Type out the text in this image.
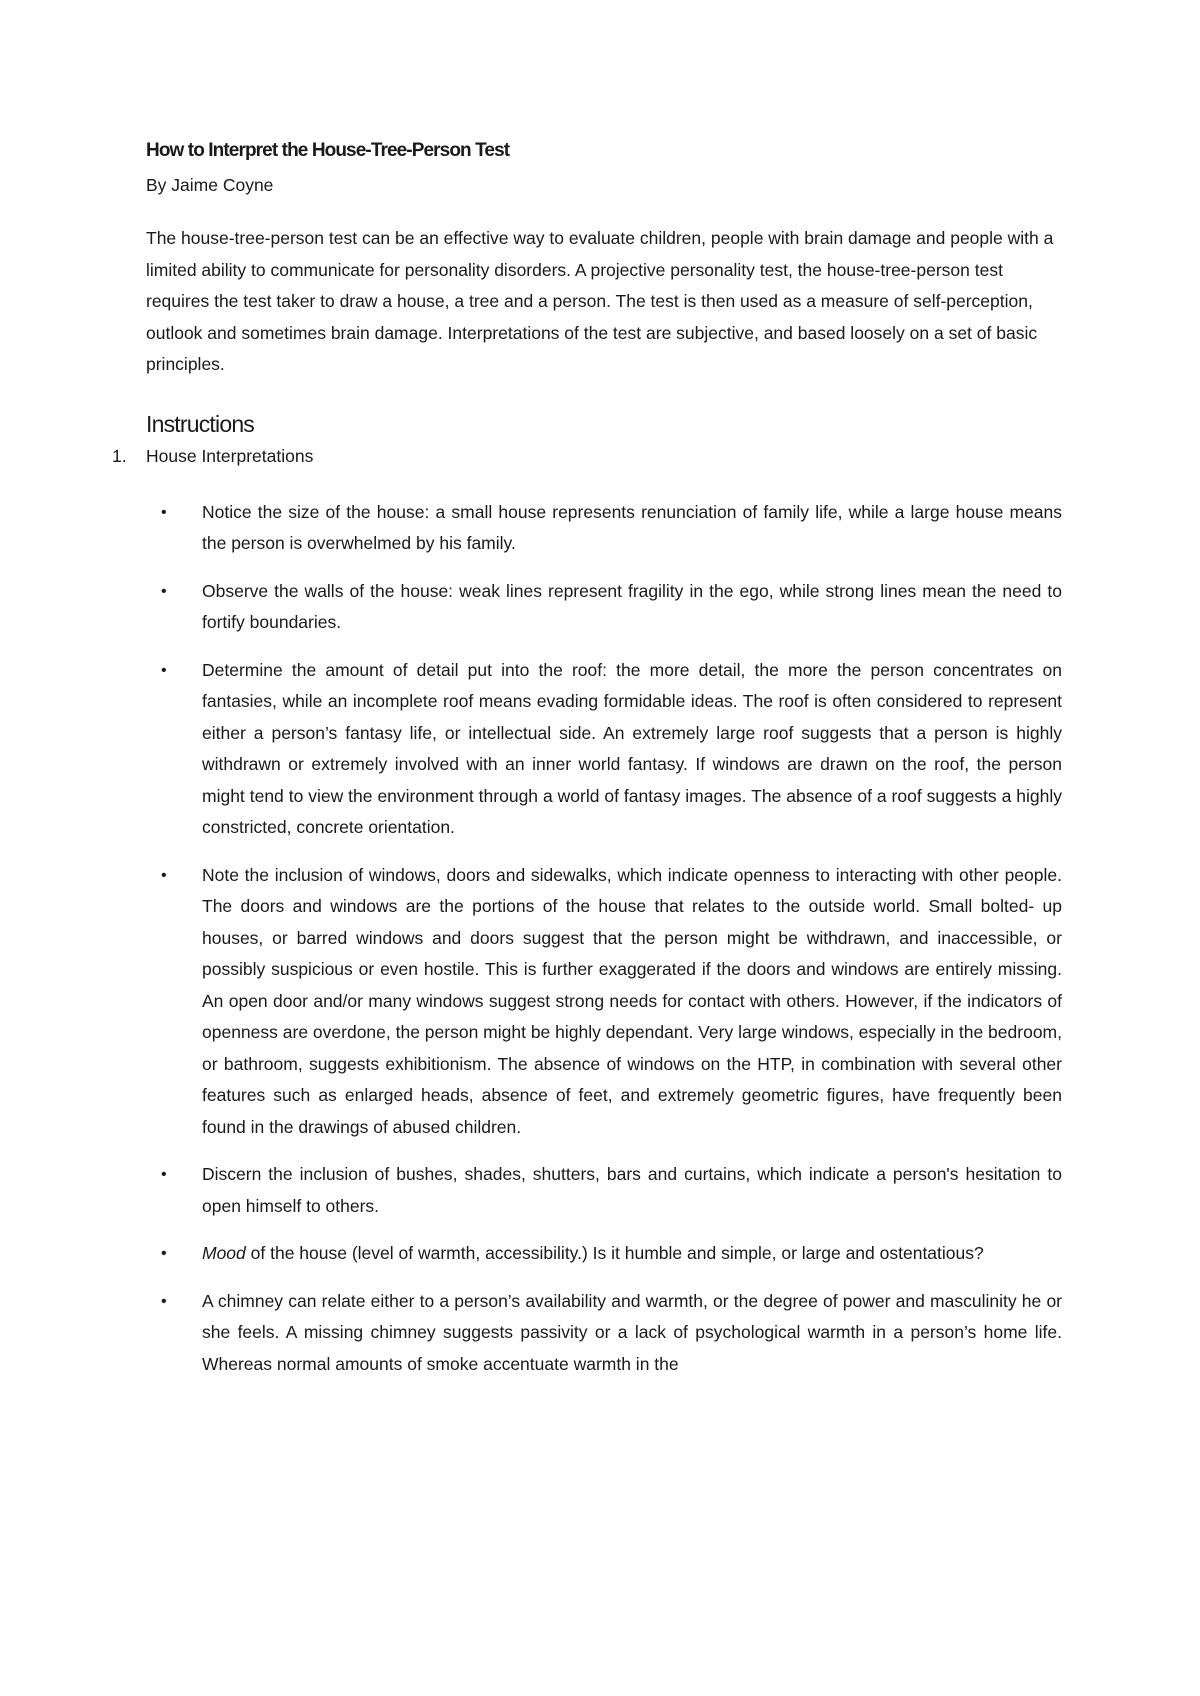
How to Interpret the House-Tree-Person Test

By Jaime Coyne

The house-tree-person test can be an effective way to evaluate children, people with brain damage and people with a limited ability to communicate for personality disorders. A projective personality test, the house-tree-person test requires the test taker to draw a house, a tree and a person. The test is then used as a measure of self-perception, outlook and sometimes brain damage. Interpretations of the test are subjective, and based loosely on a set of basic principles.

Instructions
1.	House Interpretations
• Notice the size of the house: a small house represents renunciation of family life, while a large house means the person is overwhelmed by his family.
• Observe the walls of the house: weak lines represent fragility in the ego, while strong lines mean the need to fortify boundaries.
• Determine the amount of detail put into the roof: the more detail, the more the person concentrates on fantasies, while an incomplete roof means evading formidable ideas. The roof is often considered to represent either a person’s fantasy life, or intellectual side. An extremely large roof suggests that a person is highly withdrawn or extremely involved with an inner world fantasy. If windows are drawn on the roof, the person might tend to view the environment through a world of fantasy images. The absence of a roof suggests a highly constricted, concrete orientation.
• Note the inclusion of windows, doors and sidewalks, which indicate openness to interacting with other people. The doors and windows are the portions of the house that relates to the outside world. Small bolted- up houses, or barred windows and doors suggest that the person might be withdrawn, and inaccessible, or possibly suspicious or even hostile. This is further exaggerated if the doors and windows are entirely missing. An open door and/or many windows suggest strong needs for contact with others. However, if the indicators of openness are overdone, the person might be highly dependant. Very large windows, especially in the bedroom, or bathroom, suggests exhibitionism. The absence of windows on the HTP, in combination with several other features such as enlarged heads, absence of feet, and extremely geometric figures, have frequently been found in the drawings of abused children.
• Discern the inclusion of bushes, shades, shutters, bars and curtains, which indicate a person's hesitation to open himself to others.
• Mood of the house (level of warmth, accessibility.) Is it humble and simple, or large and ostentatious?
• A chimney can relate either to a person’s availability and warmth, or the degree of power and masculinity he or she feels. A missing chimney suggests passivity or a lack of psychological warmth in a person’s home life. Whereas normal amounts of smoke accentuate warmth in the
